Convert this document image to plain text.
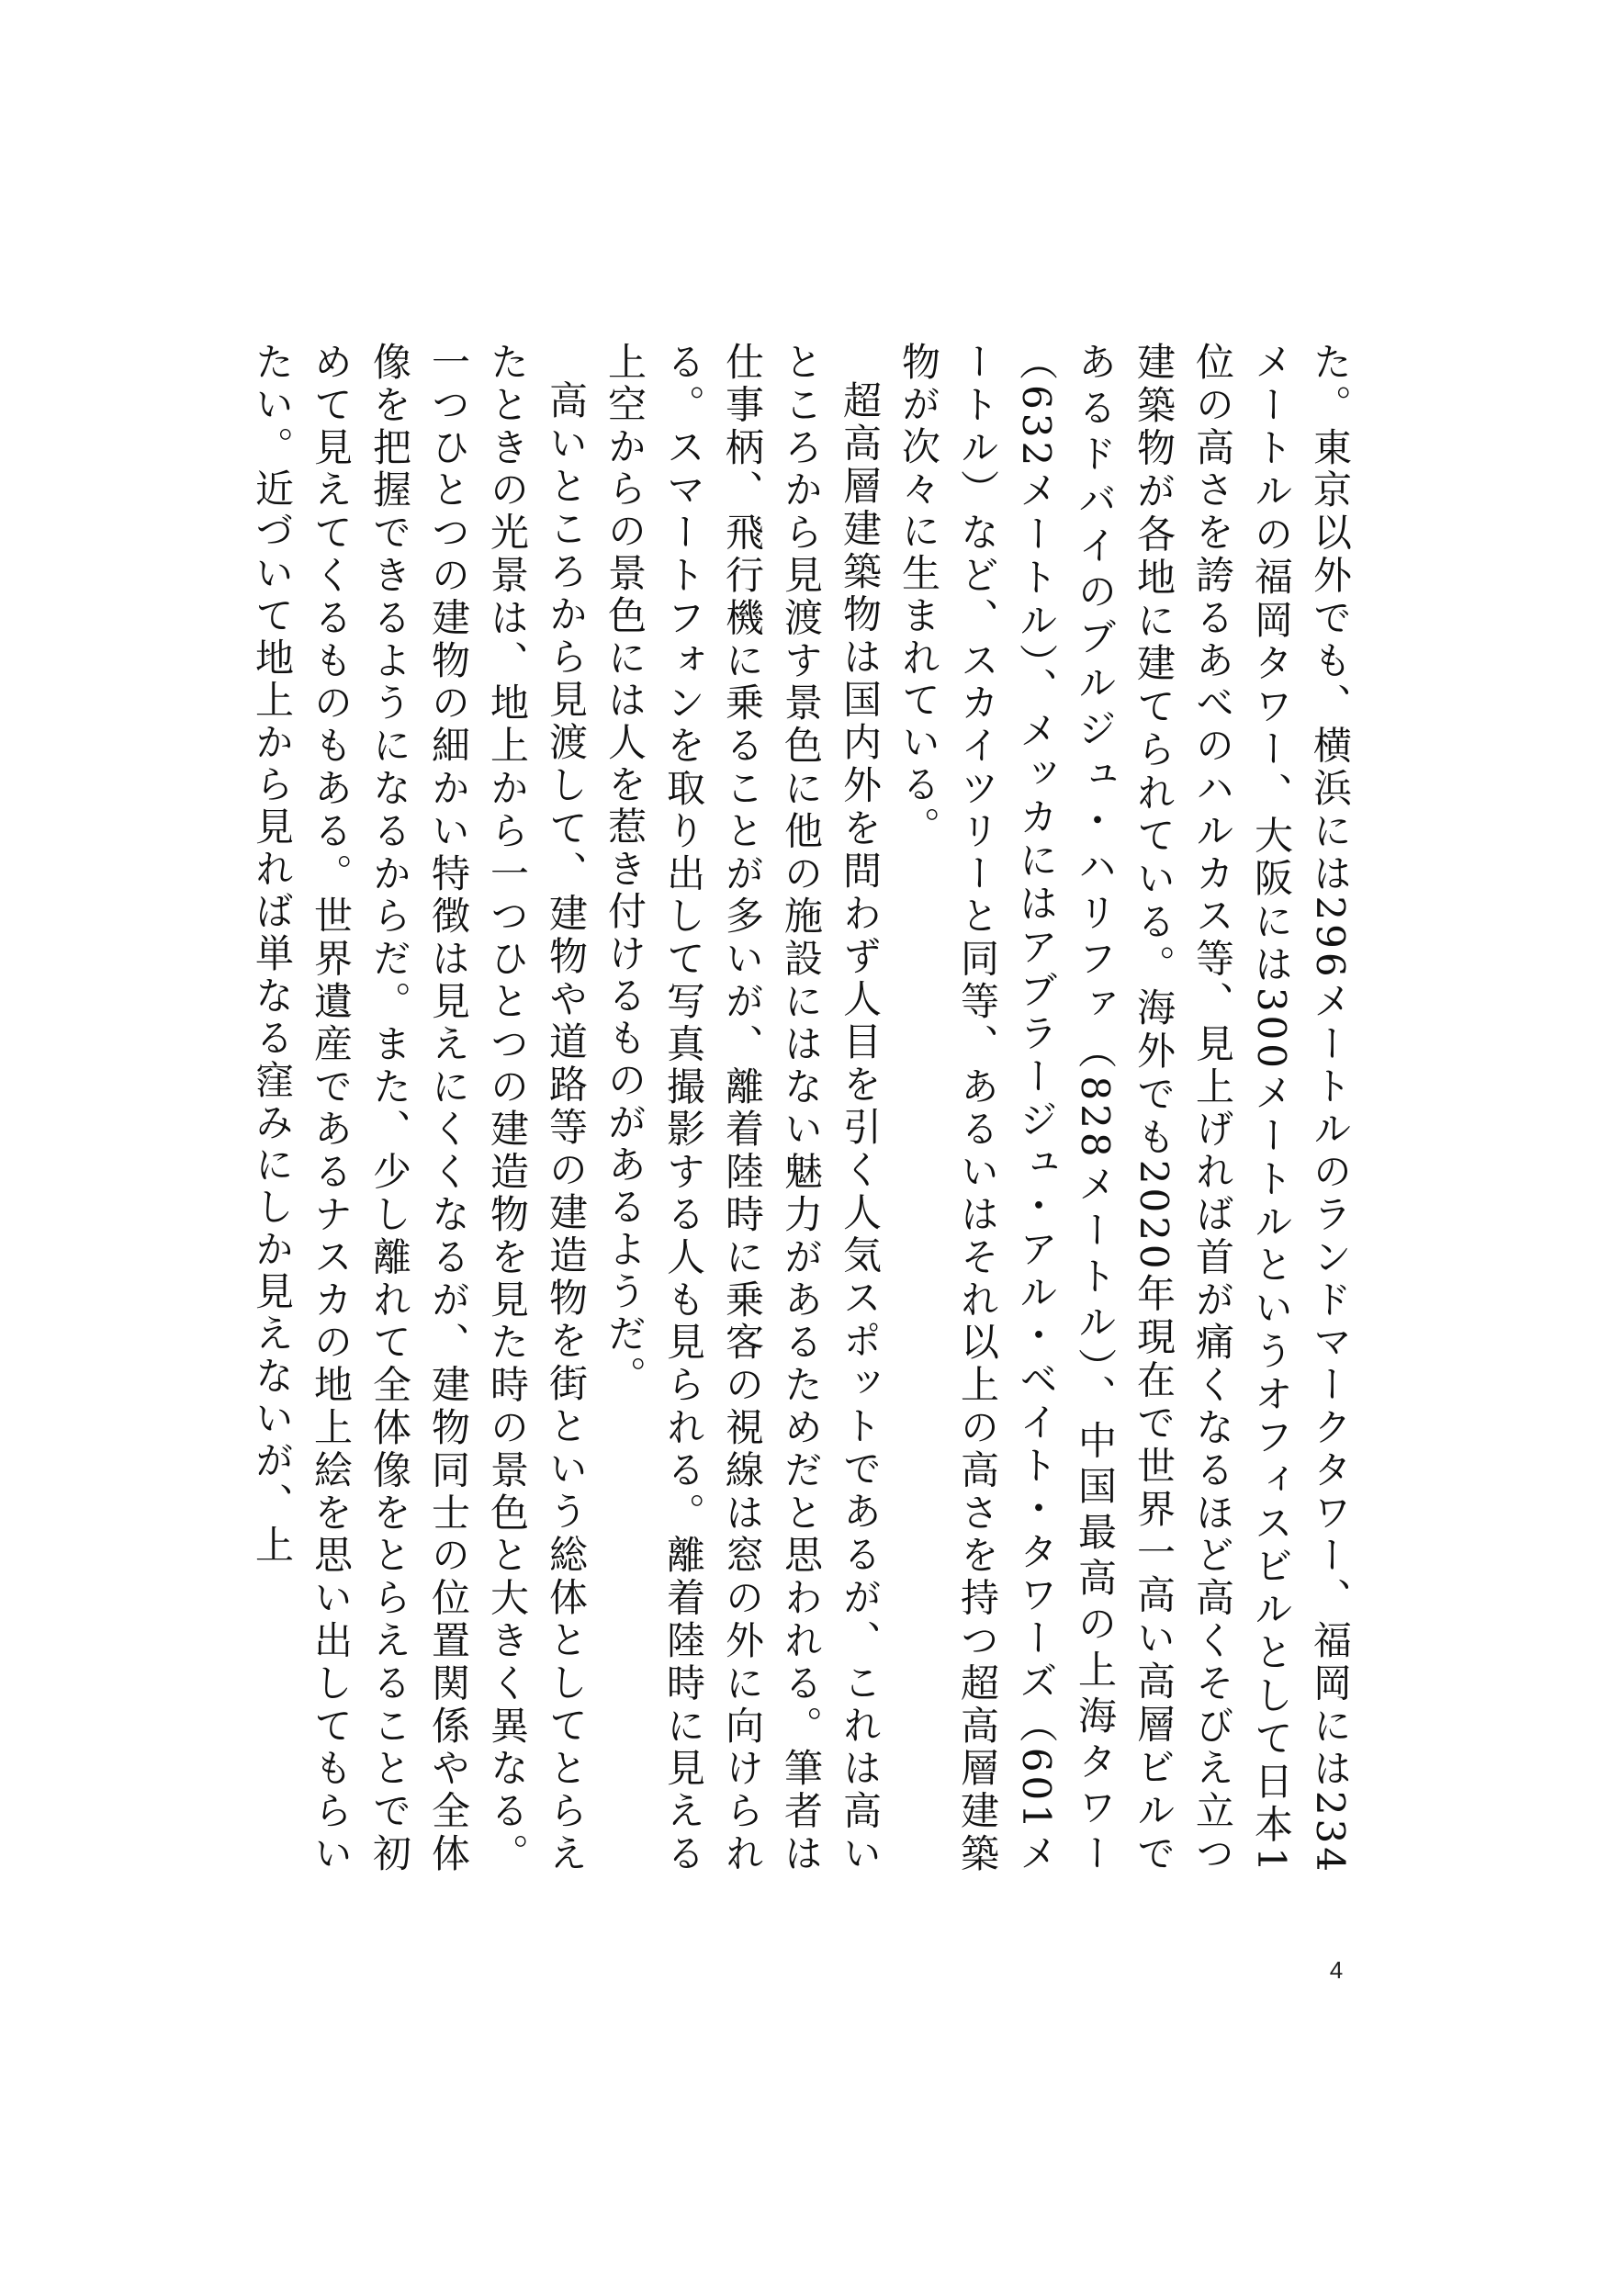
た。東京以外でも、横浜には296メートルのランドマークタワー、福岡には234メートルの福岡タワー、大阪には300メートルというオフィスビルとして日本1位の高さを誇るあべのハルカス等、見上げれば首が痛くなるほど高くそびえ立つ建築物が各地に建てられている。海外でも2020年現在で世界一高い高層ビルであるドバイのブルジュ・ハリファ（828メートル）、中国最高の上海タワー（632メートル）、メッカにはアブラージュ・アル・ベイト・タワーズ（601メートル）など、スカイツリーと同等、あるいはそれ以上の高さを持つ超高層建築物が次々に生まれている。

超高層建築物は国内外を問わず人目を引く人気スポットであるが、これは高いところから見渡す景色に他の施設にはない魅力があるためだと思われる。筆者は仕事柄、飛行機に乗ることが多いが、離着陸時に乗客の視線は窓の外に向けられる。スマートフォンを取り出して写真撮影する人も見られる。離着陸時に見える上空からの景色には人を惹き付けるものがあるようだ。

高いところから見渡して、建物や道路等の建造物を街という総体としてとらえたときの光景は、地上から一つひとつの建造物を見た時の景色と大きく異なる。一つひとつの建物の細かい特徴は見えにくくなるが、建物同士の位置関係や全体像を把握できるようになるからだ。また、少し離れて全体像をとらえることで初めて見えてくるものもある。世界遺産であるナスカの地上絵を思い出してもらいたい。近づいて地上から見れば単なる窪みにしか見えないが、上

4
